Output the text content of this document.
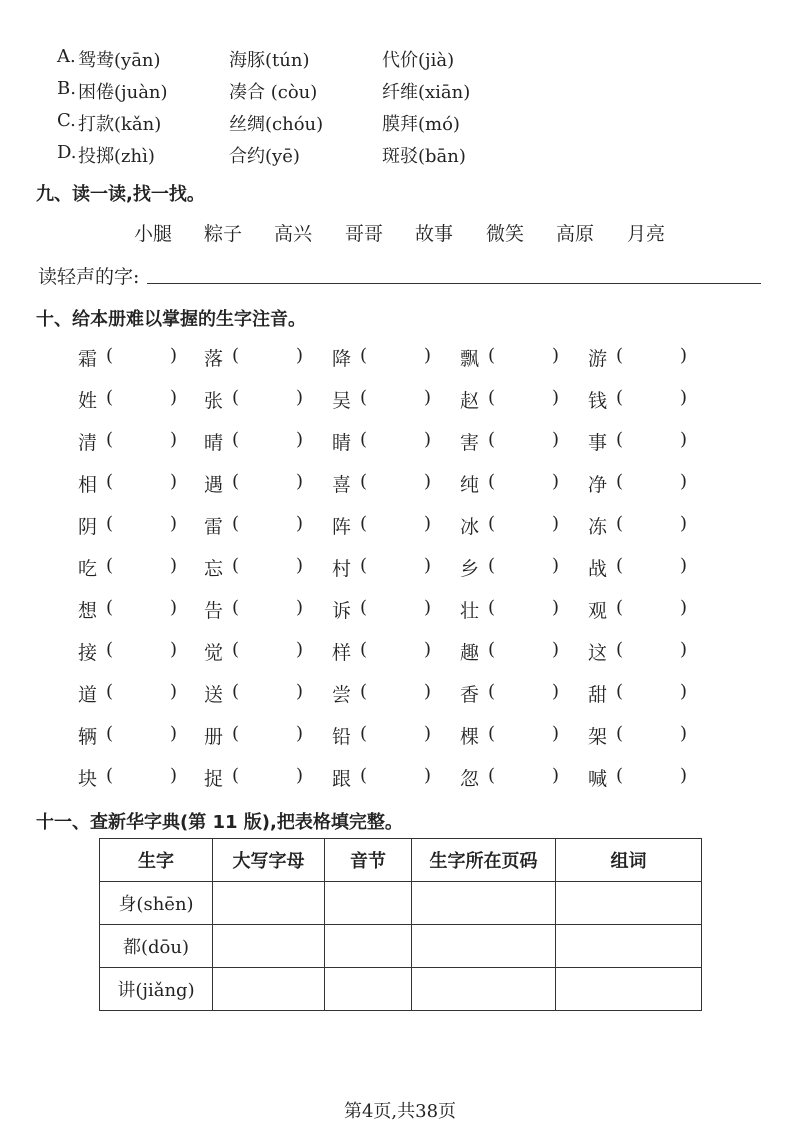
A. 鸳鸯(yān)	海豚(tún)	代价(jià)
B. 困倦(juàn)	凑合 (còu)	纤维(xiān)
C. 打款(kǎn)	丝绸(chóu)	膜拜(mó)
D. 投掷(zhì)	合约(yē)	斑驳(bān)
九、读一读,找一找。
小腿 粽子 高兴 哥哥 故事 微笑 高原 月亮
读轻声的字:
十、给本册难以掌握的生字注音。
霜 (	) 落 (	) 降 (	) 飘 (	) 游 (	)
姓 (	) 张 (	) 吴 (	) 赵 (	) 钱 (	)
清 (	) 晴 (	) 睛 (	) 害 (	) 事 (	)
相 (	) 遇 (	) 喜 (	) 纯 (	) 净 (	)
阴 (	) 雷 (	) 阵 (	) 冰 (	) 冻 (	)
吃 (	) 忘 (	) 村 (	) 乡 (	) 战 (	)
想 (	) 告 (	) 诉 (	) 壮 (	) 观 (	)
接 (	) 觉 (	) 样 (	) 趣 (	) 这 (	)
道 (	) 送 (	) 尝 (	) 香 (	) 甜 (	)
辆 (	) 册 (	) 铅 (	) 棵 (	) 架 (	)
块 (	) 捉 (	) 跟 (	) 忽 (	) 喊 (	)
十一、查新华字典(第 11 版),把表格填完整。
生字	大写字母	音节	生字所在页码	组词
身(shēn)				
都(dōu)				
讲(jiǎng)				
第4页,共38页
